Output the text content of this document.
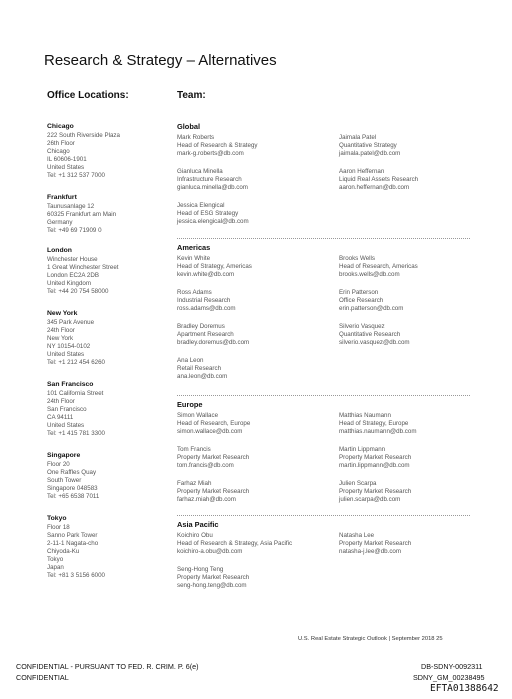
Research & Strategy – Alternatives
Office Locations:	Team:
Chicago
222 South Riverside Plaza
26th Floor
Chicago
IL 60606-1901
United States
Tel: +1 312 537 7000
Frankfurt
Taunusanlage 12
60325 Frankfurt am Main
Germany
Tel: +49 69 71909 0
London
Winchester House
1 Great Winchester Street
London EC2A 2DB
United Kingdom
Tel: +44 20 754 58000
New York
345 Park Avenue
24th Floor
New York
NY 10154-0102
United States
Tel: +1 212 454 6260
San Francisco
101 California Street
24th Floor
San Francisco
CA 94111
United States
Tel: +1 415 781 3300
Singapore
Floor 20
One Raffles Quay
South Tower
Singapore 048583
Tel: +65 6538 7011
Tokyo
Floor 18
Sanno Park Tower
2-11-1 Nagata-cho
Chiyoda-Ku
Tokyo
Japan
Tel: +81 3 5156 6000
Global
Mark Roberts
Head of Research & Strategy
mark-g.roberts@db.com
Jaimala Patel
Quantitative Strategy
jaimala.patel@db.com
Gianluca Minella
Infrastructure Research
gianluca.minella@db.com
Aaron Heffernan
Liquid Real Assets Research
aaron.heffernan@db.com
Jessica Elengical
Head of ESG Strategy
jessica.elengical@db.com
Americas
Kevin White
Head of Strategy, Americas
kevin.white@db.com
Brooks Wells
Head of Research, Americas
brooks.wells@db.com
Ross Adams
Industrial Research
ross.adams@db.com
Erin Patterson
Office Research
erin.patterson@db.com
Bradley Doremus
Apartment Research
bradley.doremus@db.com
Silverio Vasquez
Quantitative Research
silverio.vasquez@db.com
Ana Leon
Retail Research
ana.leon@db.com
Europe
Simon Wallace
Head of Research, Europe
simon.wallace@db.com
Matthias Naumann
Head of Strategy, Europe
matthias.naumann@db.com
Tom Francis
Property Market Research
tom.francis@db.com
Martin Lippmann
Property Market Research
martin.lippmann@db.com
Farhaz Miah
Property Market Research
farhaz.miah@db.com
Julien Scarpa
Property Market Research
julien.scarpa@db.com
Asia Pacific
Koichiro Obu
Head of Research & Strategy, Asia Pacific
koichiro-a.obu@db.com
Natasha Lee
Property Market Research
natasha-j.lee@db.com
Seng-Hong Teng
Property Market Research
seng-hong.teng@db.com
U.S. Real Estate Strategic Outlook | September 2018 25
CONFIDENTIAL - PURSUANT TO FED. R. CRIM. P. 6(e)
CONFIDENTIAL
DB-SDNY-0092311
SDNY_GM_00238495
EFTA01388642
